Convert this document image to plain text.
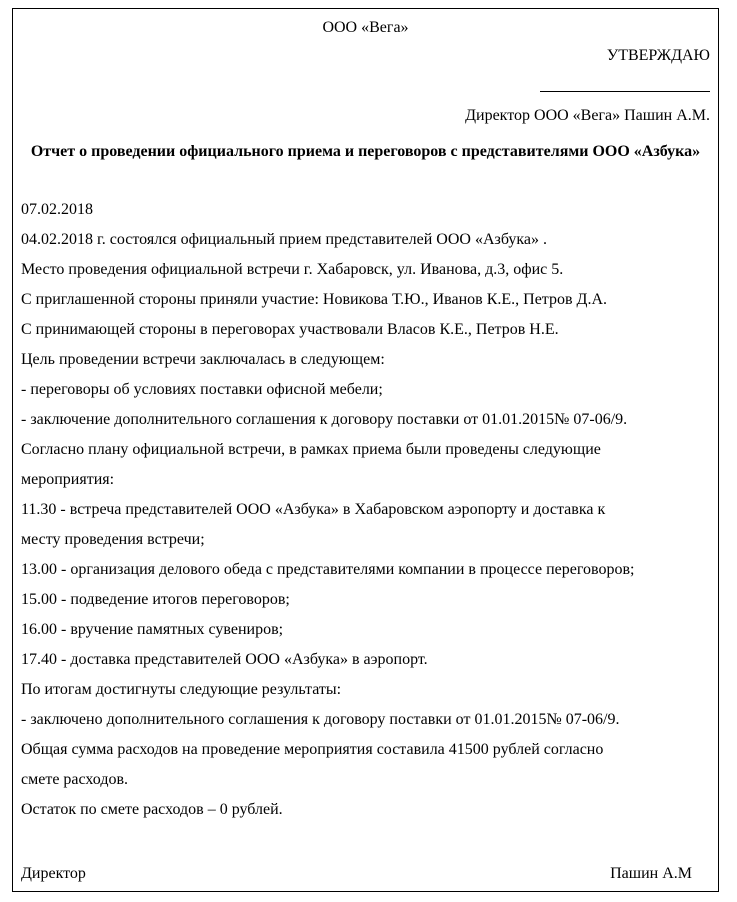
ООО «Вега»
УТВЕРЖДАЮ
Директор ООО «Вега» Пашин А.М.
Отчет о проведении официального приема и переговоров с представителями ООО «Азбука»
07.02.2018
04.02.2018 г. состоялся официальный прием представителей ООО «Азбука» .
Место проведения официальной встречи г. Хабаровск, ул. Иванова, д.3, офис 5.
С приглашенной стороны приняли участие: Новикова Т.Ю., Иванов К.Е., Петров Д.А.
С принимающей стороны в переговорах участвовали Власов К.Е., Петров Н.Е.
Цель проведении встречи заключалась в следующем:
- переговоры об условиях поставки офисной мебели;
- заключение дополнительного соглашения к договору поставки от 01.01.2015№ 07-06/9.
Согласно плану официальной встречи, в рамках приема были проведены следующие
мероприятия:
11.30 - встреча представителей ООО «Азбука» в Хабаровском аэропорту и доставка к
месту проведения встречи;
13.00 - организация делового обеда с представителями компании в процессе переговоров;
15.00 - подведение итогов переговоров;
16.00 - вручение памятных сувениров;
17.40 - доставка представителей ООО «Азбука» в аэропорт.
По итогам достигнуты следующие результаты:
- заключено дополнительного соглашения к договору поставки от 01.01.2015№ 07-06/9.
Общая сумма расходов на проведение мероприятия составила 41500 рублей согласно
смете расходов.
Остаток по смете расходов – 0 рублей.
Директор	Пашин А.М
